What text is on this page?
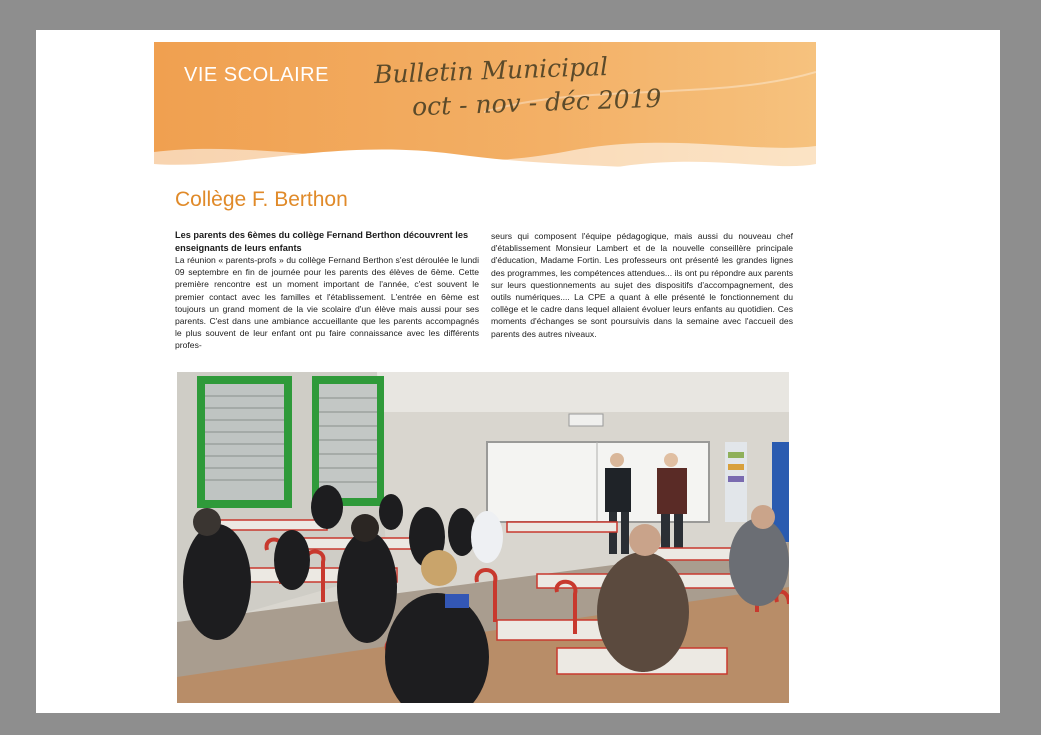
VIE SCOLAIRE Bulletin Municipal
oct - nov - déc 2019
Collège F. Berthon
Les parents des 6èmes du collège Fernand Berthon découvrent les enseignants de leurs enfants
La réunion « parents-profs » du collège Fernand Berthon s'est déroulée le lundi 09 septembre en fin de journée pour les parents des élèves de 6ème. Cette première rencontre est un moment important de l'année, c'est souvent le premier contact avec les familles et l'établissement. L'entrée en 6ème est toujours un grand moment de la vie scolaire d'un élève mais aussi pour ses parents. C'est dans une ambiance accueillante que les parents accompagnés le plus souvent de leur enfant ont pu faire connaissance avec les différents profes-
seurs qui composent l'équipe pédagogique, mais aussi du nouveau chef d'établissement Monsieur Lambert et de la nouvelle conseillère principale d'éducation, Madame Fortin. Les professeurs ont présenté les grandes lignes des programmes, les compétences attendues... ils ont pu répondre aux parents sur leurs questionnements au sujet des dispositifs d'accompagnement, des outils numériques.... La CPE a quant à elle présenté le fonctionnement du collège et le cadre dans lequel allaient évoluer leurs enfants au quotidien. Ces moments d'échanges se sont poursuivis dans la semaine avec l'accueil des parents des autres niveaux.
